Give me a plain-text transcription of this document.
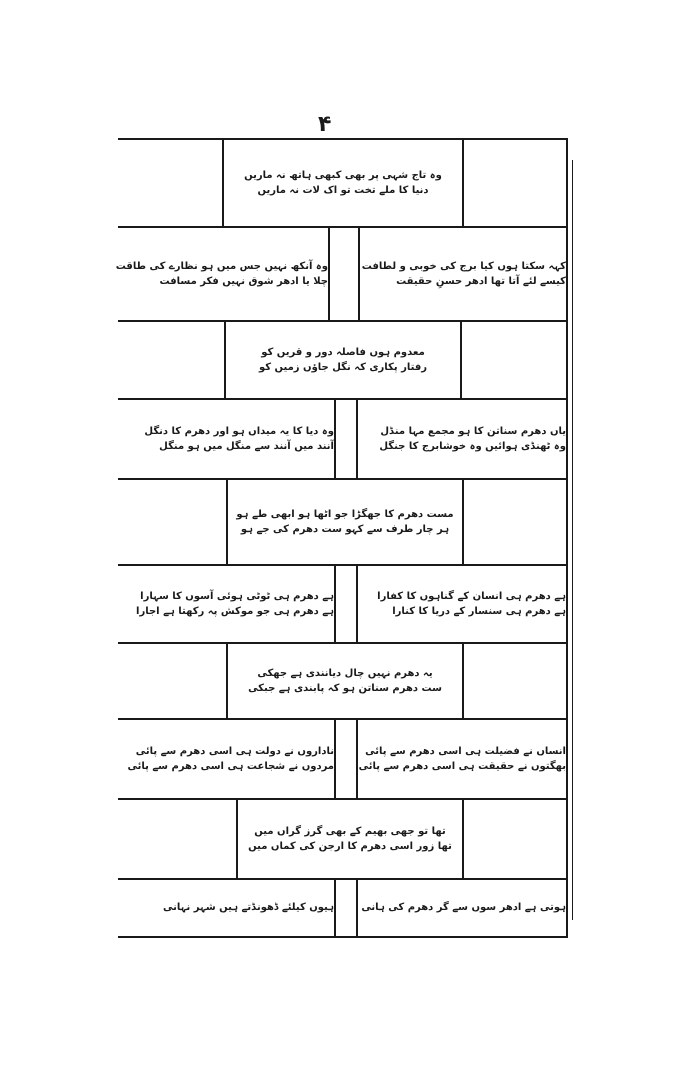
۴
وہ تاج شہی پر بھی کبھی ہاتھ نہ ماریں
دنیا کا ملے تخت تو اک لات نہ ماریں
کہہ سکتا ہوں کیا برج کی خوبی و لطافت
کیسے لئے آتا تھا ادھر حسنِ حقیقت
وہ آنکھ نہیں جس میں ہو نظارے کی طاقت
چلا یا ادھر شوق نہیں فکر مسافت
معدوم ہوں فاصلہ دور و قریں کو
رفتار پکاری کہ نگل جاؤں زمیں کو
یاں دھرم سناتن کا ہو مجمع مہا منڈل
وہ ٹھنڈی ہوائیں وہ خوشابرج کا جنگل
وہ دیا کا یہ میداں ہو اور دھرم کا دنگل
آنند میں آنند سے منگل میں ہو منگل
مست دھرم کا جھگڑا جو اٹھا ہو ابھی طے ہو
ہر چار طرف سے کہو ست دھرم کی جے ہو
ہے دھرم ہی انسان کے گناہوں کا کفارا
ہے دھرم ہی سنسار کے دریا کا کنارا
ہے دھرم ہی ٹوٹی ہوئی آسوں کا سہارا
ہے دھرم ہی جو موکش پہ رکھتا ہے اجارا
یہ دھرم نہیں چال دیانندی ہے جھکی
ست دھرم سناتن ہو کہ پابندی ہے جبکی
انساں نے فضیلت ہی اسی دھرم سے پائی
بھگتوں نے حقیقت ہی اسی دھرم سے پائی
ناداروں نے دولت ہی اسی دھرم سے پائی
مردوں نے شجاعت ہی اسی دھرم سے پائی
تھا تو جھی بھیم کے بھی گرز گراں میں
تھا زور اسی دھرم کا ارجن کی کماں میں
ہوتی ہے ادھر سوں سے گر دھرم کی ہانی
ہیوں کیلئے ڈھونڈتے ہیں شہر نہانی
